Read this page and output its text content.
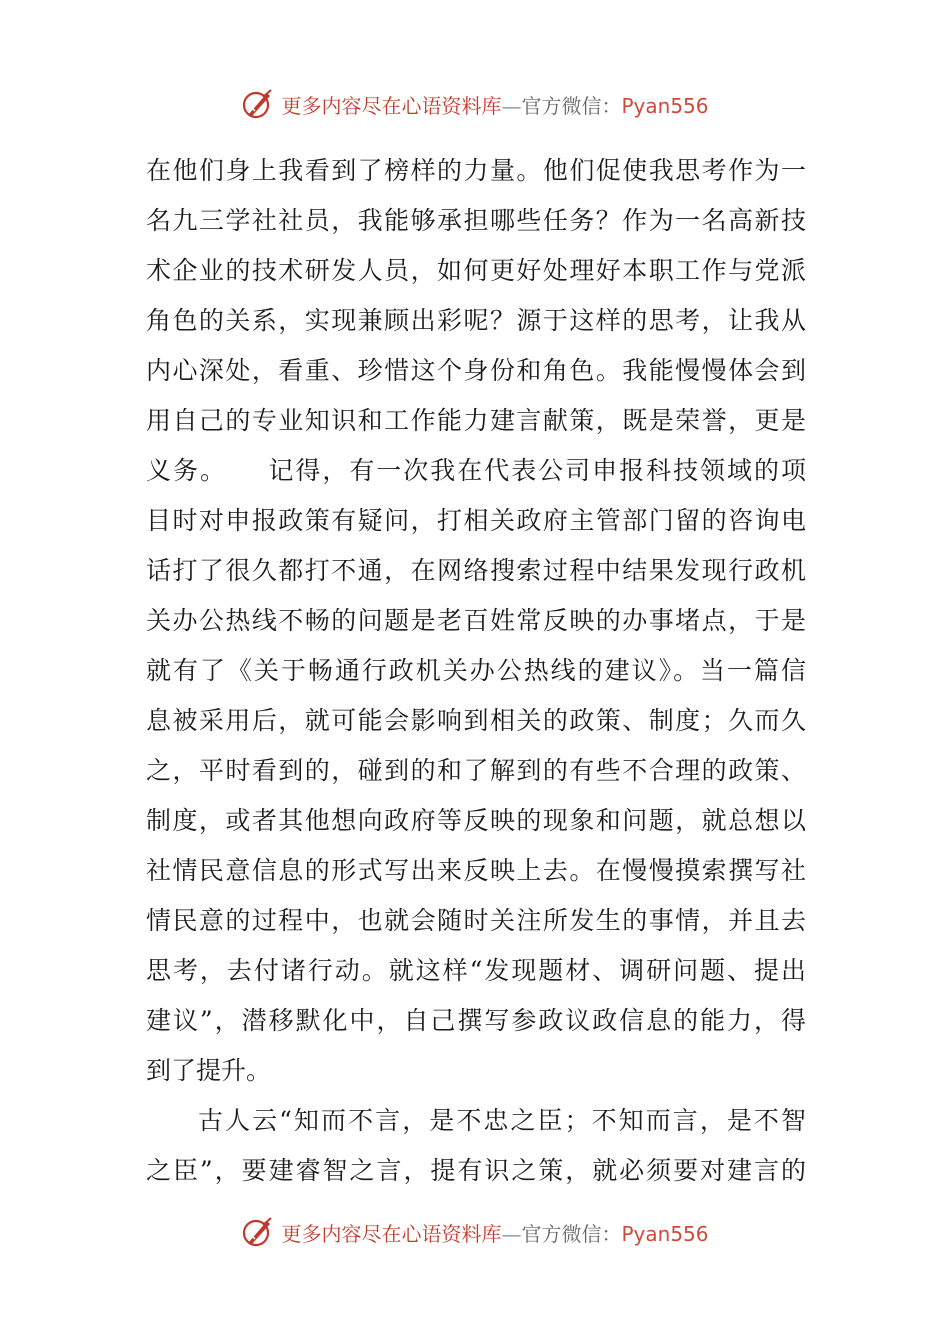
更多内容尽在心语资料库—官方微信：Pyan556
在他们身上我看到了榜样的力量。他们促使我思考作为一
名九三学社社员，我能够承担哪些任务？作为一名高新技
术企业的技术研发人员，如何更好处理好本职工作与党派
角色的关系，实现兼顾出彩呢？源于这样的思考，让我从
内心深处，看重、珍惜这个身份和角色。我能慢慢体会到
用自己的专业知识和工作能力建言献策，既是荣誉，更是
义务。　　记得，有一次我在代表公司申报科技领域的项
目时对申报政策有疑问，打相关政府主管部门留的咨询电
话打了很久都打不通，在网络搜索过程中结果发现行政机
关办公热线不畅的问题是老百姓常反映的办事堵点，于是
就有了《关于畅通行政机关办公热线的建议》。当一篇信
息被采用后，就可能会影响到相关的政策、制度；久而久
之，平时看到的，碰到的和了解到的有些不合理的政策、
制度，或者其他想向政府等反映的现象和问题，就总想以
社情民意信息的形式写出来反映上去。在慢慢摸索撰写社
情民意的过程中，也就会随时关注所发生的事情，并且去
思考，去付诸行动。就这样“发现题材、调研问题、提出
建议”，潜移默化中，自己撰写参政议政信息的能力，得
到了提升。
古人云“知而不言，是不忠之臣；不知而言，是不智
之臣”，要建睿智之言，提有识之策，就必须要对建言的
更多内容尽在心语资料库—官方微信：Pyan556
